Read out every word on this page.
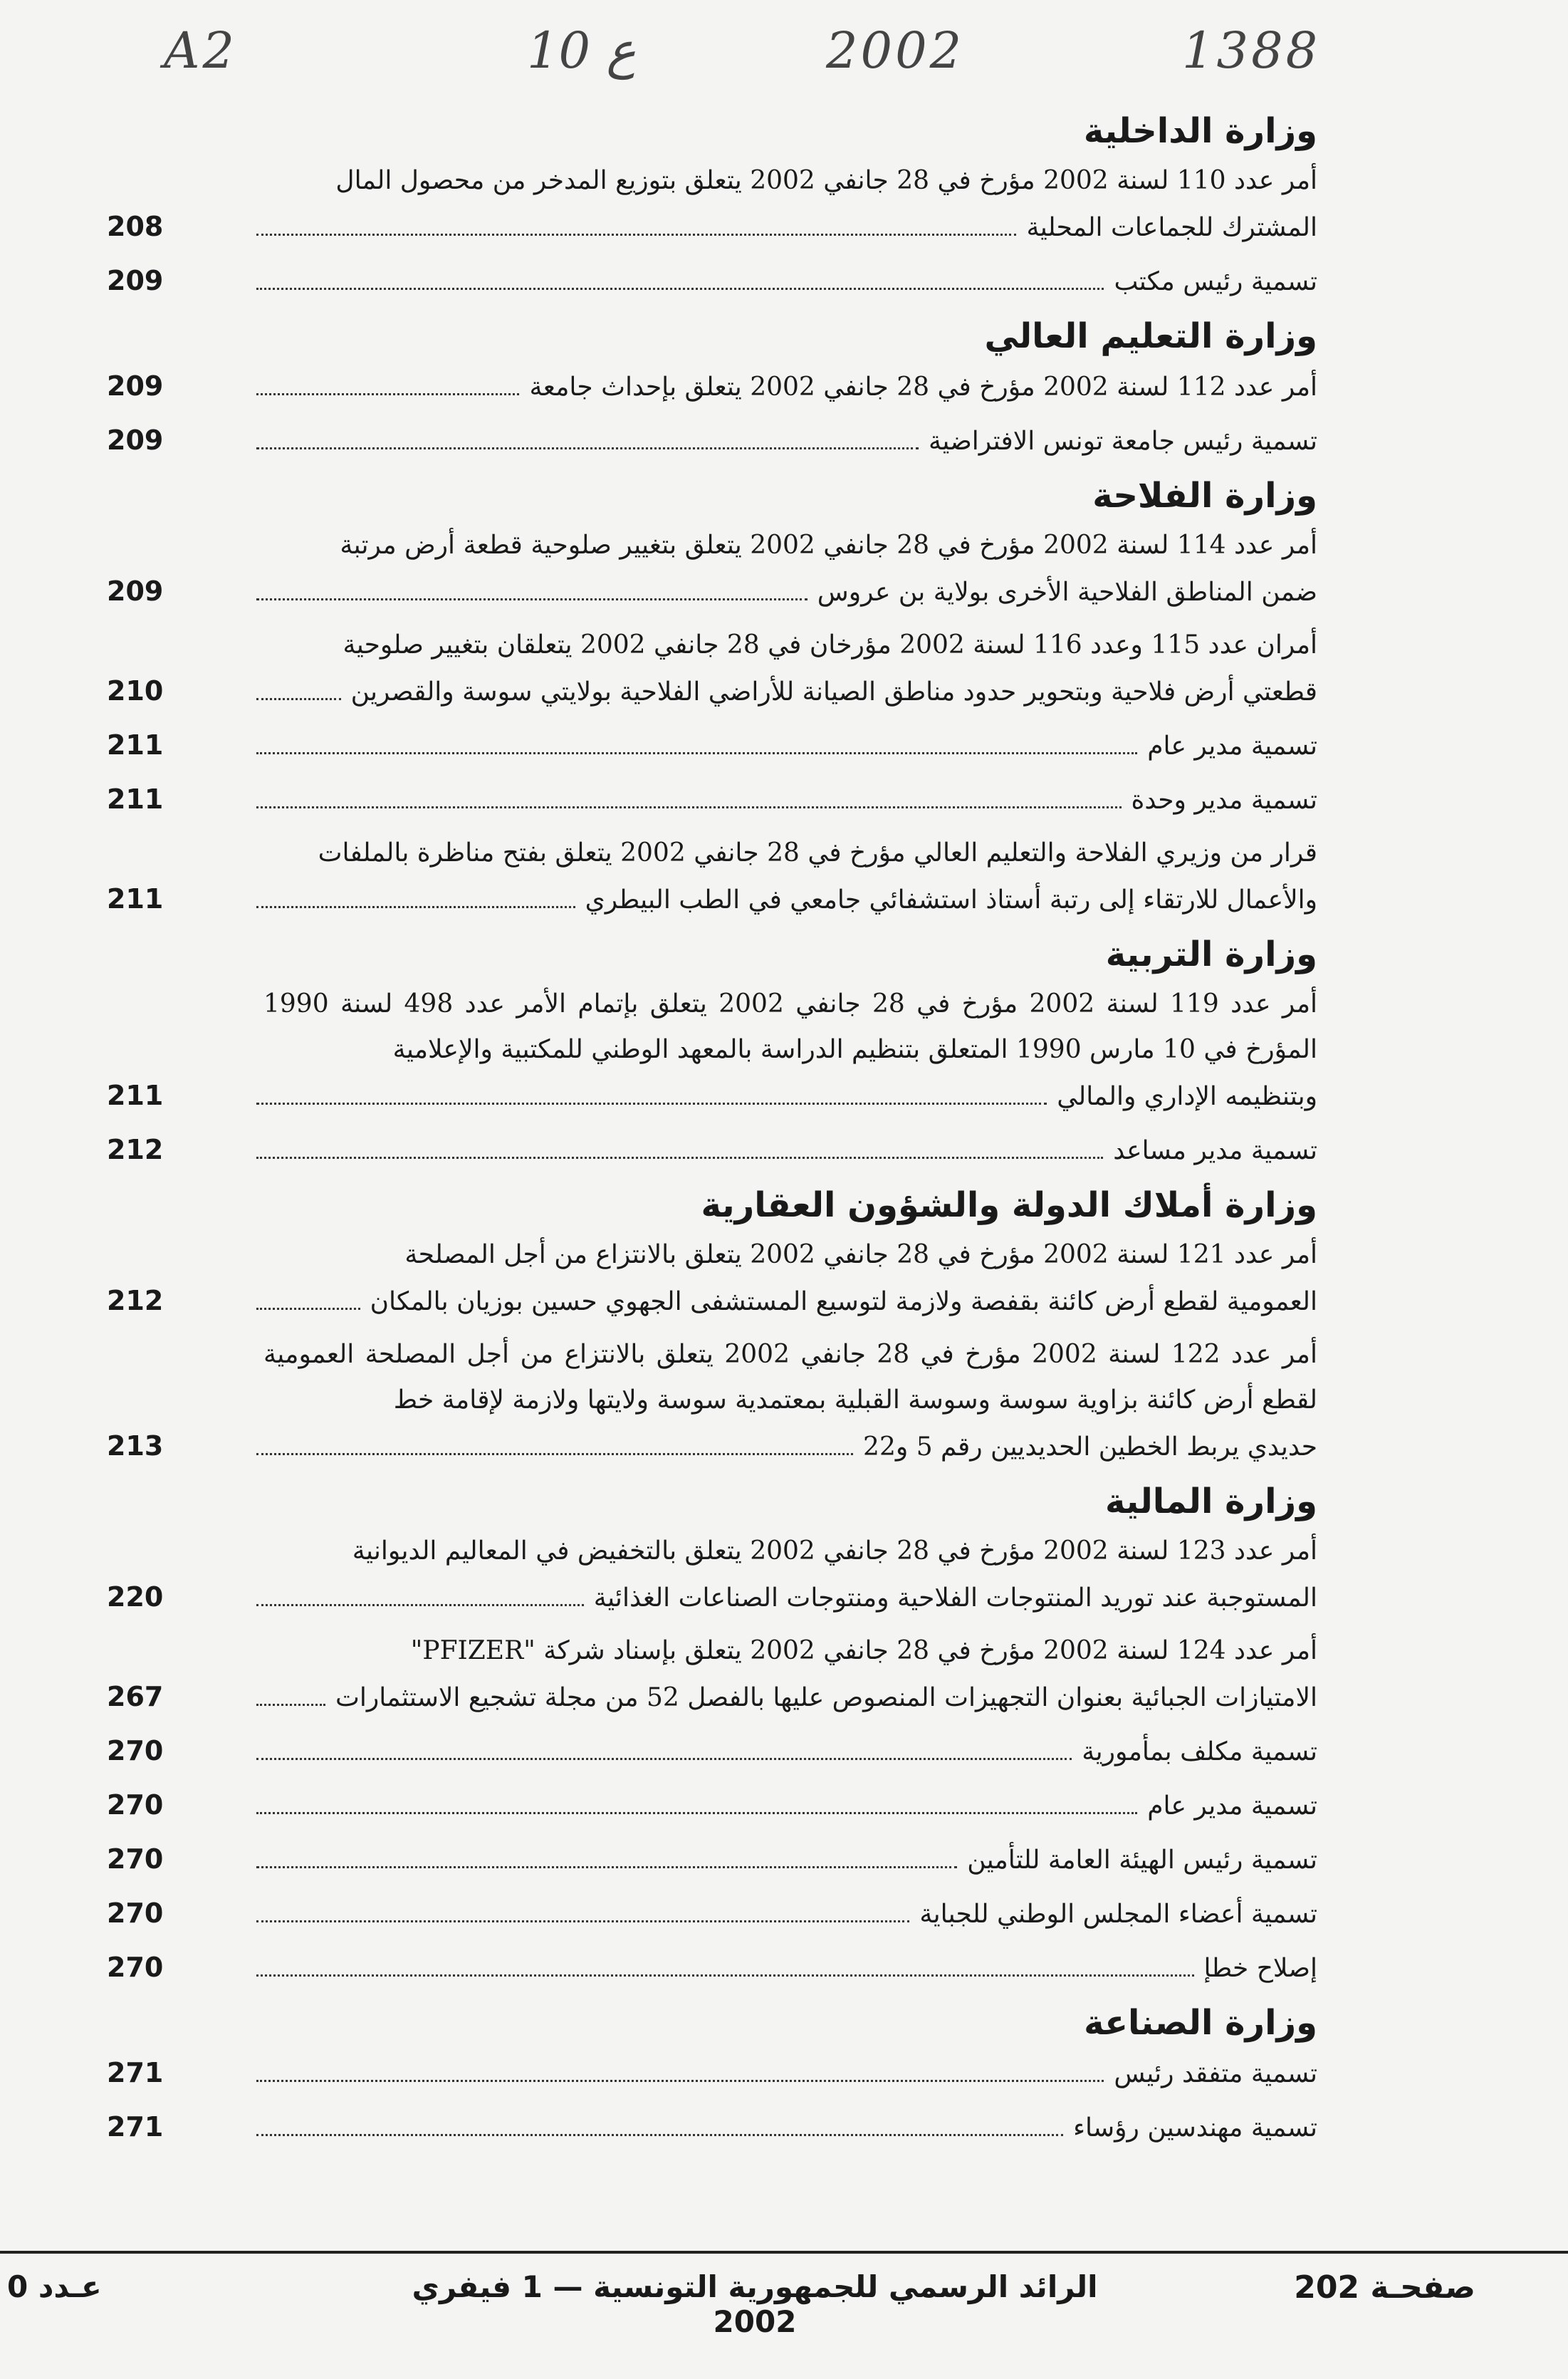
A2	10 ع	2002	1388
وزارة الداخلية
أمر عدد 110 لسنة 2002 مؤرخ في 28 جانفي 2002 يتعلق بتوزيع المدخر من محصول المال
المشترك للجماعات المحلية
208
تسمية رئيس مكتب
209
وزارة التعليم العالي
أمر عدد 112 لسنة 2002 مؤرخ في 28 جانفي 2002 يتعلق بإحداث جامعة
209
تسمية رئيس جامعة تونس الافتراضية
209
وزارة الفلاحة
أمر عدد 114 لسنة 2002 مؤرخ في 28 جانفي 2002 يتعلق بتغيير صلوحية قطعة أرض مرتبة
ضمن المناطق الفلاحية الأخرى بولاية بن عروس
209
أمران عدد 115 وعدد 116 لسنة 2002 مؤرخان في 28 جانفي 2002 يتعلقان بتغيير صلوحية
قطعتي أرض فلاحية وبتحوير حدود مناطق الصيانة للأراضي الفلاحية بولايتي سوسة والقصرين
210
تسمية مدير عام
211
تسمية مدير وحدة
211
قرار من وزيري الفلاحة والتعليم العالي مؤرخ في 28 جانفي 2002 يتعلق بفتح مناظرة بالملفات
والأعمال للارتقاء إلى رتبة أستاذ استشفائي جامعي في الطب البيطري
211
وزارة التربية
أمر عدد 119 لسنة 2002 مؤرخ في 28 جانفي 2002 يتعلق بإتمام الأمر عدد 498 لسنة 1990 المؤرخ في 10 مارس 1990 المتعلق بتنظيم الدراسة بالمعهد الوطني للمكتبية والإعلامية
وبتنظيمه الإداري والمالي
211
تسمية مدير مساعد
212
وزارة أملاك الدولة والشؤون العقارية
أمر عدد 121 لسنة 2002 مؤرخ في 28 جانفي 2002 يتعلق بالانتزاع من أجل المصلحة
العمومية لقطع أرض كائنة بقفصة ولازمة لتوسيع المستشفى الجهوي حسين بوزيان بالمكان
212
أمر عدد 122 لسنة 2002 مؤرخ في 28 جانفي 2002 يتعلق بالانتزاع من أجل المصلحة العمومية لقطع أرض كائنة بزاوية سوسة وسوسة القبلية بمعتمدية سوسة ولايتها ولازمة لإقامة خط
حديدي يربط الخطين الحديديين رقم 5 و22
213
وزارة المالية
أمر عدد 123 لسنة 2002 مؤرخ في 28 جانفي 2002 يتعلق بالتخفيض في المعاليم الديوانية
المستوجبة عند توريد المنتوجات الفلاحية ومنتوجات الصناعات الغذائية
220
أمر عدد 124 لسنة 2002 مؤرخ في 28 جانفي 2002 يتعلق بإسناد شركة "PFIZER"
الامتيازات الجبائية بعنوان التجهيزات المنصوص عليها بالفصل 52 من مجلة تشجيع الاستثمارات
267
تسمية مكلف بمأمورية
270
تسمية مدير عام
270
تسمية رئيس الهيئة العامة للتأمين
270
تسمية أعضاء المجلس الوطني للجباية
270
إصلاح خطإ
270
وزارة الصناعة
تسمية متفقد رئيس
271
تسمية مهندسين رؤساء
271
صفحـة 202
الرائد الرسمي للجمهورية التونسية — 1 فيفري 2002
عـدد 0
